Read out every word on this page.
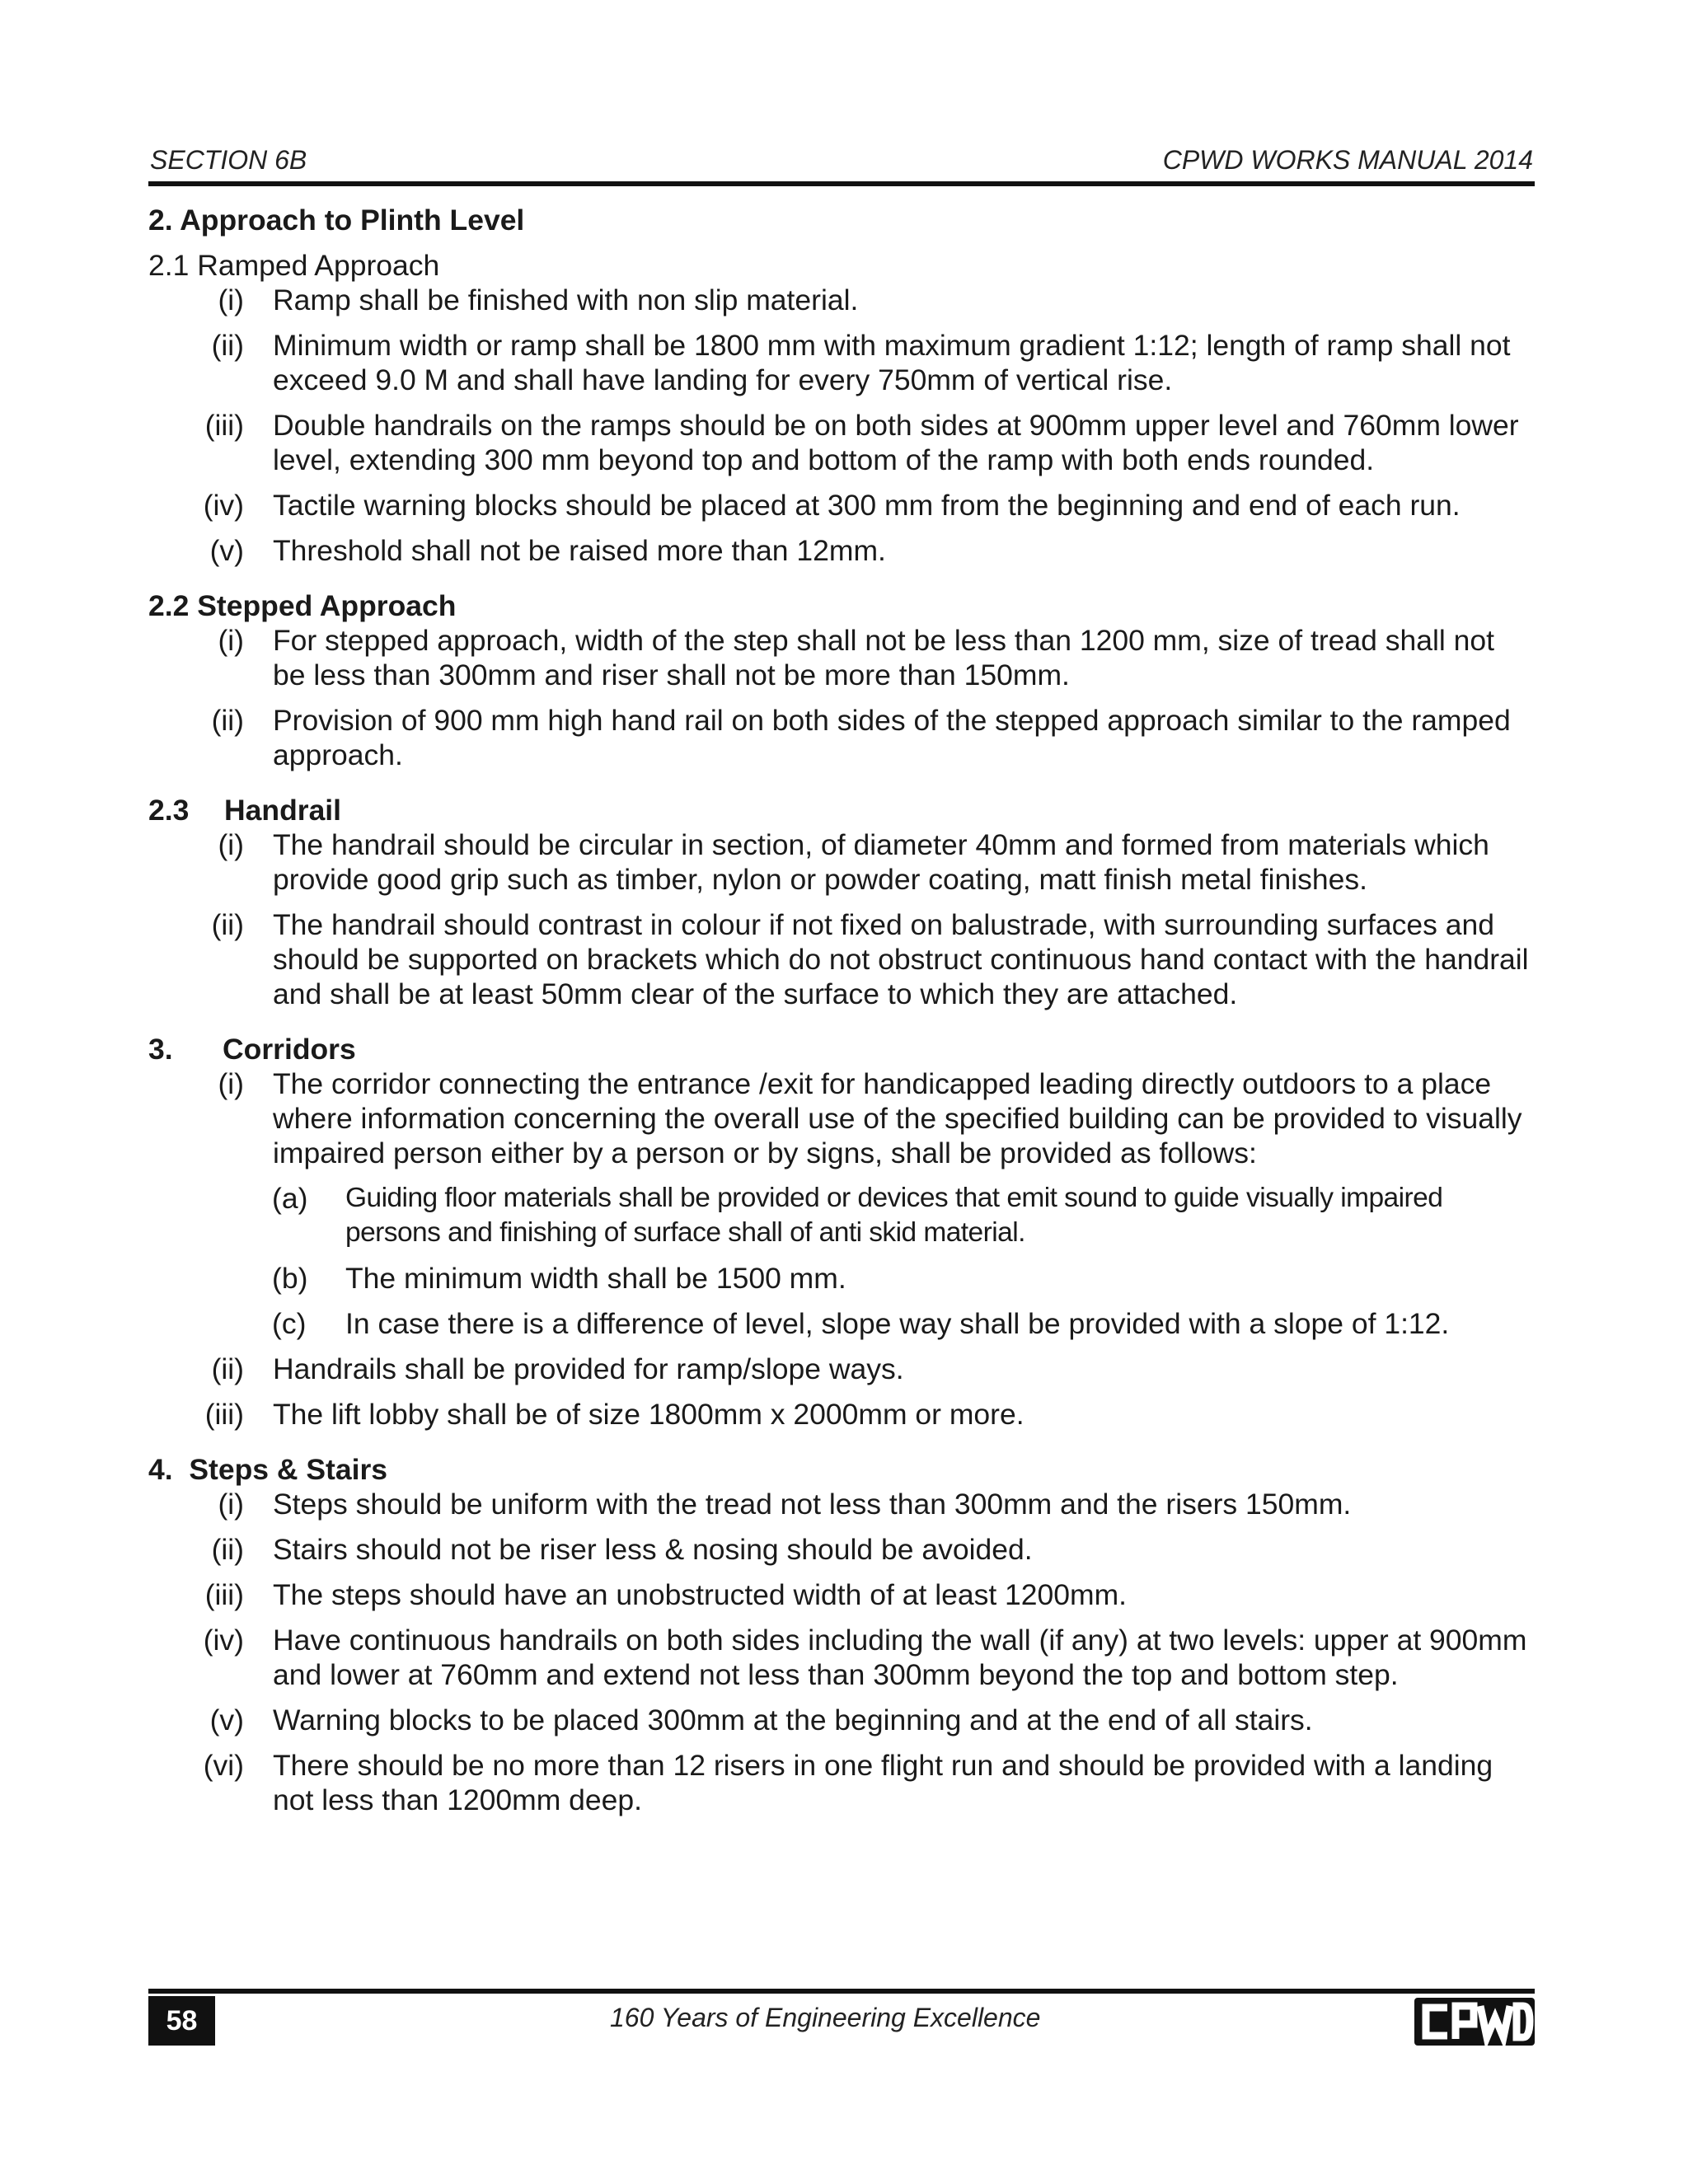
SECTION 6B	CPWD WORKS MANUAL 2014

2. Approach to Plinth Level

2.1 Ramped Approach

(i) Ramp shall be finished with non slip material.

(ii) Minimum width or ramp shall be 1800 mm with maximum gradient 1:12; length of ramp shall not exceed 9.0 M and shall have landing for every 750mm of vertical rise.

(iii) Double handrails on the ramps should be on both sides at 900mm upper level and 760mm lower level, extending 300 mm beyond top and bottom of the ramp with both ends rounded.

(iv) Tactile warning blocks should be placed at 300 mm from the beginning and end of each run.

(v) Threshold shall not be raised more than 12mm.

2.2 Stepped Approach

(i) For stepped approach, width of the step shall not be less than 1200 mm, size of tread shall not be less than 300mm and riser shall not be more than 150mm.

(ii) Provision of 900 mm high hand rail on both sides of the stepped approach similar to the ramped approach.

2.3 Handrail

(i) The handrail should be circular in section, of diameter 40mm and formed from materials which provide good grip such as timber, nylon or powder coating, matt finish metal finishes.

(ii) The handrail should contrast in colour if not fixed on balustrade, with surrounding surfaces and should be supported on brackets which do not obstruct continuous hand contact with the handrail and shall be at least 50mm clear of the surface to which they are attached.

3. Corridors

(i) The corridor connecting the entrance /exit for handicapped leading directly outdoors to a place where information concerning the overall use of the specified building can be provided to visually impaired person either by a person or by signs, shall be provided as follows:

(a) Guiding floor materials shall be provided or devices that emit sound to guide visually impaired persons and finishing of surface shall of anti skid material.

(b) The minimum width shall be 1500 mm.

(c) In case there is a difference of level, slope way shall be provided with a slope of 1:12.

(ii) Handrails shall be provided for ramp/slope ways.

(iii) The lift lobby shall be of size 1800mm x 2000mm or more.

4.  Steps & Stairs

(i) Steps should be uniform with the tread not less than 300mm and the risers 150mm.

(ii) Stairs should not be riser less & nosing should be avoided.

(iii) The steps should have an unobstructed width of at least 1200mm.

(iv) Have continuous handrails on both sides including the wall (if any) at two levels: upper at 900mm and lower at 760mm and extend not less than 300mm beyond the top and bottom step.

(v) Warning blocks to be placed 300mm at the beginning and at the end of all stairs.

(vi) There should be no more than 12 risers in one flight run and should be provided with a landing not less than 1200mm deep.

58	160 Years of Engineering Excellence
